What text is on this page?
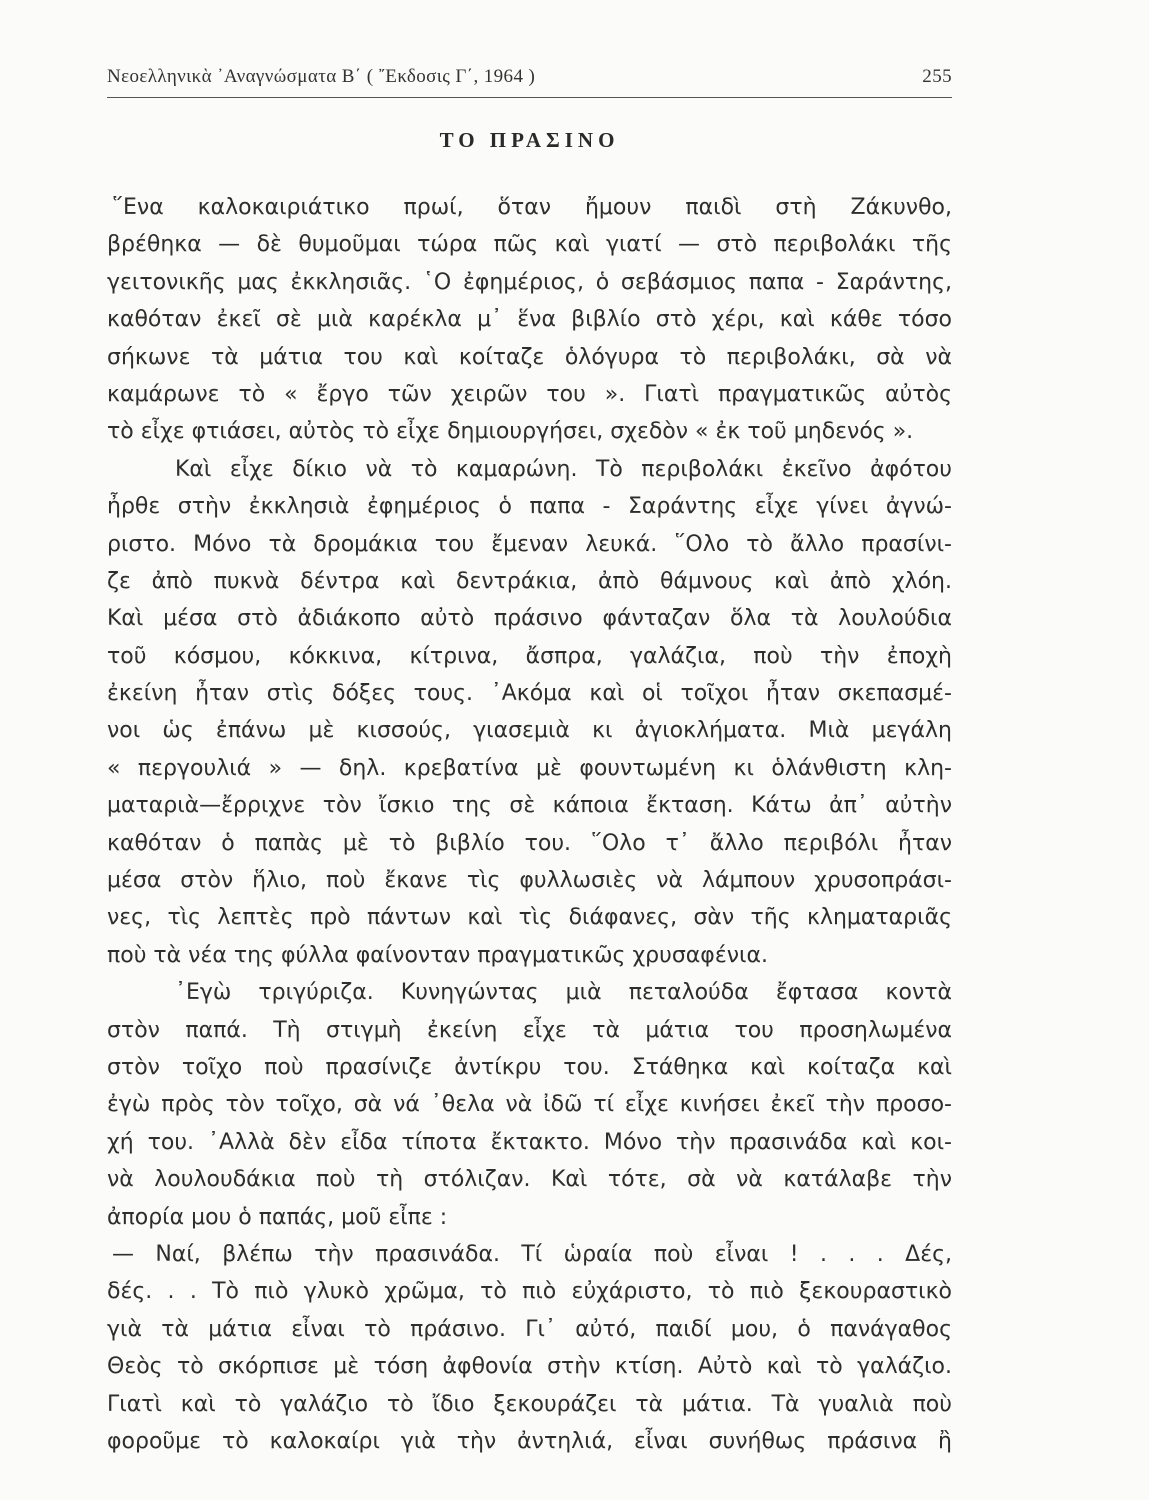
Νεοελληνικὰ ᾿Αναγνώσματα Β΄ ( ῎Εκδοσις Γ΄, 1964 )	255
ΤΟ ΠΡΑΣΙΝΟ
῞Ενα καλοκαιριάτικο πρωί, ὅταν ἤμουν παιδὶ στὴ Ζάκυνθο,
βρέθηκα — δὲ θυμοῦμαι τώρα πῶς καὶ γιατί — στὸ περιβολάκι τῆς
γειτονικῆς μας ἐκκλησιᾶς. ῾Ο ἐφημέριος, ὁ σεβάσμιος παπα - Σαράντης,
καθόταν ἐκεῖ σὲ μιὰ καρέκλα μ᾿ ἕνα βιβλίο στὸ χέρι, καὶ κάθε τόσο
σήκωνε τὰ μάτια του καὶ κοίταζε ὁλόγυρα τὸ περιβολάκι, σὰ νὰ
καμάρωνε τὸ « ἔργο τῶν χειρῶν του ». Γιατὶ πραγματικῶς αὐτὸς
τὸ εἶχε φτιάσει, αὐτὸς τὸ εἶχε δημιουργήσει, σχεδὸν « ἐκ τοῦ μηδενός ».
Καὶ εἶχε δίκιο νὰ τὸ καμαρώνη. Τὸ περιβολάκι ἐκεῖνο ἀφότου
ἦρθε στὴν ἐκκλησιὰ ἐφημέριος ὁ παπα - Σαράντης εἶχε γίνει ἀγνώ-
ριστο. Μόνο τὰ δρομάκια του ἔμεναν λευκά. ῞Ολο τὸ ἄλλο πρασίνι-
ζε ἀπὸ πυκνὰ δέντρα καὶ δεντράκια, ἀπὸ θάμνους καὶ ἀπὸ χλόη.
Καὶ μέσα στὸ ἀδιάκοπο αὐτὸ πράσινο φάνταζαν ὅλα τὰ λουλούδια
τοῦ κόσμου, κόκκινα, κίτρινα, ἄσπρα, γαλάζια, ποὺ τὴν ἐποχὴ
ἐκείνη ἦταν στὶς δόξες τους. ᾿Ακόμα καὶ οἱ τοῖχοι ἦταν σκεπασμέ-
νοι ὡς ἐπάνω μὲ κισσούς, γιασεμιὰ κι ἀγιοκλήματα. Μιὰ μεγάλη
« περγουλιά » — δηλ. κρεβατίνα μὲ φουντωμένη κι ὁλάνθιστη κλη-
ματαριὰ—ἔρριχνε τὸν ἴσκιο της σὲ κάποια ἔκταση. Κάτω ἀπ᾿ αὐτὴν
καθόταν ὁ παπὰς μὲ τὸ βιβλίο του. ῞Ολο τ᾿ ἄλλο περιβόλι ἦταν
μέσα στὸν ἥλιο, ποὺ ἔκανε τὶς φυλλωσιὲς νὰ λάμπουν χρυσοπράσι-
νες, τὶς λεπτὲς πρὸ πάντων καὶ τὶς διάφανες, σὰν τῆς κληματαριᾶς
ποὺ τὰ νέα της φύλλα φαίνονταν πραγματικῶς χρυσαφένια.
᾿Εγὼ τριγύριζα. Κυνηγώντας μιὰ πεταλούδα ἔφτασα κοντὰ
στὸν παπά. Τὴ στιγμὴ ἐκείνη εἶχε τὰ μάτια του προσηλωμένα
στὸν τοῖχο ποὺ πρασίνιζε ἀντίκρυ του. Στάθηκα καὶ κοίταζα καὶ
ἐγὼ πρὸς τὸν τοῖχο, σὰ νά ᾿θελα νὰ ἰδῶ τί εἶχε κινήσει ἐκεῖ τὴν προσο-
χή του. ᾿Αλλὰ δὲν εἶδα τίποτα ἔκτακτο. Μόνο τὴν πρασινάδα καὶ κοι-
νὰ λουλουδάκια ποὺ τὴ στόλιζαν. Καὶ τότε, σὰ νὰ κατάλαβε τὴν
ἀπορία μου ὁ παπάς, μοῦ εἶπε :
— Ναί, βλέπω τὴν πρασινάδα. Τί ὡραία ποὺ εἶναι ! . . . Δές,
δές. . . Τὸ πιὸ γλυκὸ χρῶμα, τὸ πιὸ εὐχάριστο, τὸ πιὸ ξεκουραστικὸ
γιὰ τὰ μάτια εἶναι τὸ πράσινο. Γι᾿ αὐτό, παιδί μου, ὁ πανάγαθος
Θεὸς τὸ σκόρπισε μὲ τόση ἀφθονία στὴν κτίση. Αὐτὸ καὶ τὸ γαλάζιο.
Γιατὶ καὶ τὸ γαλάζιο τὸ ἴδιο ξεκουράζει τὰ μάτια. Τὰ γυαλιὰ ποὺ
φοροῦμε τὸ καλοκαίρι γιὰ τὴν ἀντηλιά, εἶναι συνήθως πράσινα ἢ
